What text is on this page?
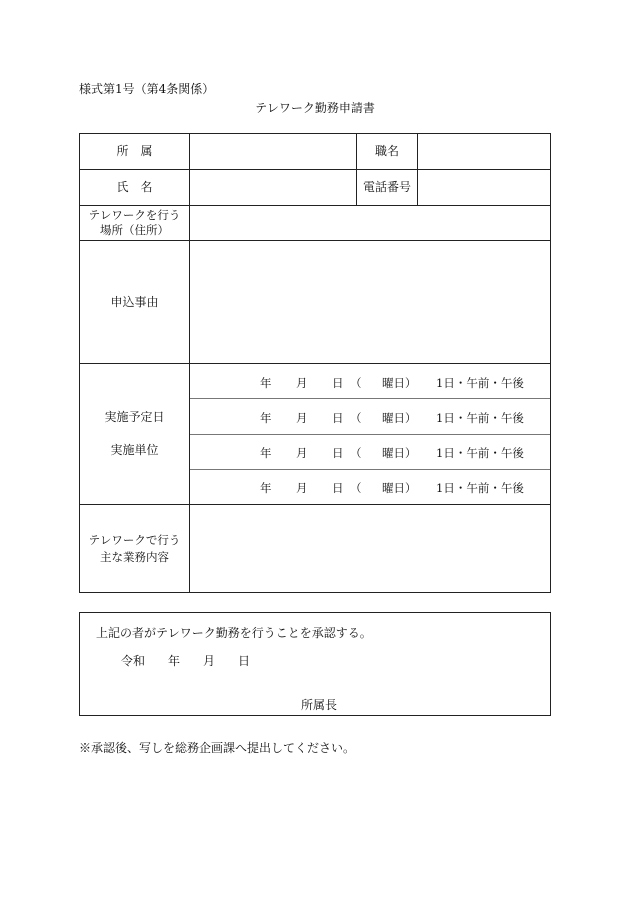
様式第1号（第4条関係）
テレワーク勤務申請書
所　属	職名
氏　名	電話番号
テレワークを行う
場所（住所）
申込事由
実施予定日
実施単位
年 月 日 （ 曜日） 1日・午前・午後
年 月 日 （ 曜日） 1日・午前・午後
年 月 日 （ 曜日） 1日・午前・午後
年 月 日 （ 曜日） 1日・午前・午後
テレワークで行う
主な業務内容
上記の者がテレワーク勤務を行うことを承認する。
令和 年 月 日
所属長
※承認後、写しを総務企画課へ提出してください。
